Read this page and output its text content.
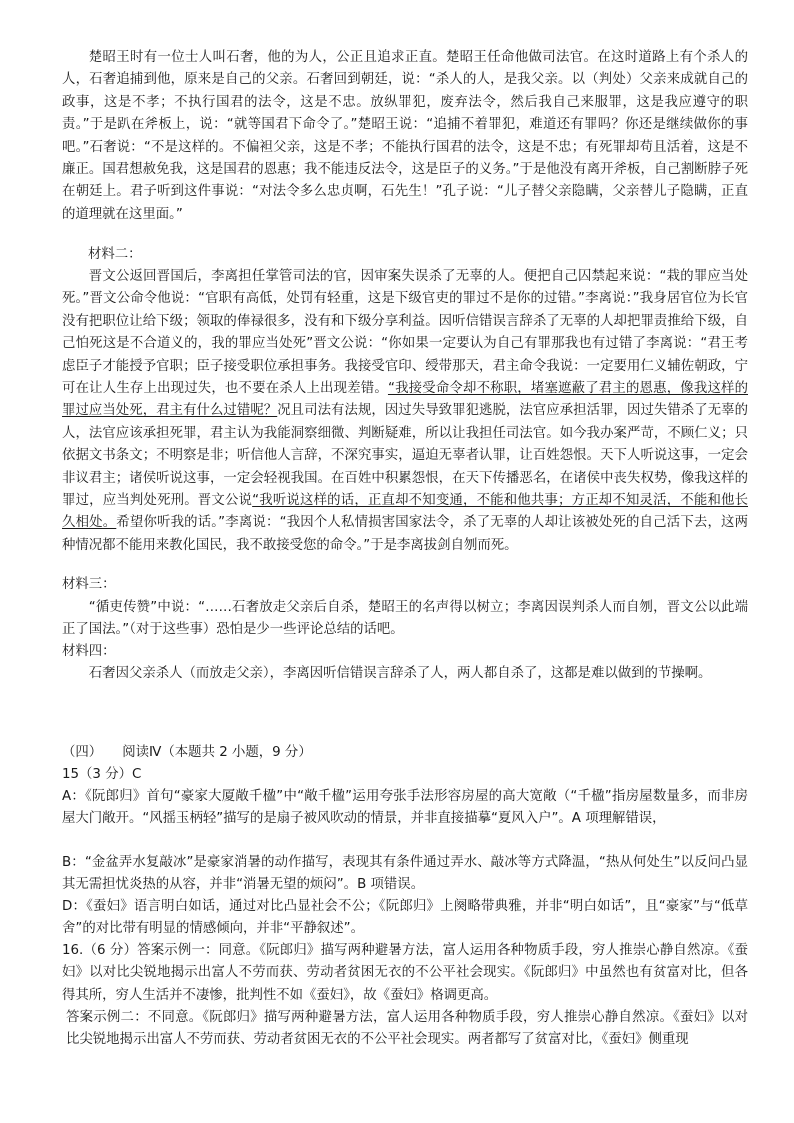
楚昭王时有一位士人叫石奢，他的为人，公正且追求正直。楚昭王任命他做司法官。在这时道路上有个杀人的人，石奢追捕到他，原来是自己的父亲。石奢回到朝廷，说：“杀人的人，是我父亲。以（判处）父亲来成就自己的政事，这是不孝；不执行国君的法令，这是不忠。放纵罪犯，废弃法令，然后我自己来服罪，这是我应遵守的职责。”于是趴在斧板上，说：“就等国君下命令了。”楚昭王说：“追捕不着罪犯，难道还有罪吗？你还是继续做你的事吧。”石奢说：“不是这样的。不偏袒父亲，这是不孝；不能执行国君的法令，这是不忠；有死罪却苟且活着，这是不廉正。国君想赦免我，这是国君的恩惠；我不能违反法令，这是臣子的义务。”于是他没有离开斧板，自己割断脖子死在朝廷上。君子听到这件事说：“对法令多么忠贞啊，石先生！”孔子说：“儿子替父亲隐瞒，父亲替儿子隐瞒，正直的道理就在这里面。”
材料二：
晋文公返回晋国后，李离担任掌管司法的官，因审案失误杀了无辜的人。便把自己囚禁起来说：“栽的罪应当处死。”晋文公命令他说：“官职有高低，处罚有轻重，这是下级官吏的罪过不是你的过错。”李离说：”我身居官位为长官没有把职位让给下级；领取的俸禄很多，没有和下级分享利益。因听信错误言辞杀了无辜的人却把罪责推给下级，自己怕死这是不合道义的，我的罪应当处死”晋文公说：“你如果一定要认为自己有罪那我也有过错了李离说：“君王考虑臣子才能授予官职；臣子接受职位承担事务。我接受官印、绶带那天，君主命令我说：一定要用仁义辅佐朝政，宁可在让人生存上出现过失，也不要在杀人上出现差错。“我接受命令却不称职，堵塞遮蔽了君主的恩惠，像我这样的罪过应当处死，君主有什么过错呢？况且司法有法规，因过失导致罪犯逃脱，法官应承担活罪，因过失错杀了无辜的人，法官应该承担死罪，君主认为我能洞察细微、判断疑难，所以让我担任司法官。如今我办案严苛，不顾仁义；只依据文书条文；不明察是非；听信他人言辞，不深究事实，逼迫无辜者认罪，让百姓怨恨。天下人听说这事，一定会非议君主；诸侯听说这事，一定会轻视我国。在百姓中积累怨恨，在天下传播恶名，在诸侯中丧失权势，像我这样的罪过，应当判处死刑。晋文公说“我听说这样的话，正直却不知变通，不能和他共事；方正却不知灵活，不能和他长久相处。希望你听我的话。”李离说：“我因个人私情损害国家法令，杀了无辜的人却让该被处死的自己活下去，这两种情况都不能用来教化国民，我不敢接受您的命令。”于是李离拔剑自刎而死。
材料三：
“循吏传赞”中说：“……石奢放走父亲后自杀，楚昭王的名声得以树立；李离因误判杀人而自刎，晋文公以此端正了国法。”（对于这些事）恐怕是少一些评论总结的话吧。
材料四：
石奢因父亲杀人（而放走父亲），李离因听信错误言辞杀了人，两人都自杀了，这都是难以做到的节操啊。
（四）　　阅读Ⅳ（本题共 2 小题，9 分）
15（3 分）C
A：《阮郎归》首句“豪家大厦敞千楹”中“敞千楹”运用夸张手法形容房屋的高大宽敞（“千楹”指房屋数量多，而非房屋大门敞开。“风摇玉柄轻”描写的是扇子被风吹动的情景，并非直接描摹“夏风入户”。A 项理解错误，
B：“金盆弄水复敲冰”是豪家消暑的动作描写，表现其有条件通过弄水、敲冰等方式降温，“热从何处生”以反问凸显其无需担忧炎热的从容，并非“消暑无望的烦闷”。B 项错误。
D：《蚕妇》语言明白如话，通过对比凸显社会不公；《阮郎归》上阕略带典雅，并非“明白如话”，且“豪家”与“低草舍”的对比带有明显的情感倾向，并非“平静叙述”。
16.（6 分）答案示例一：同意。《阮郎归》描写两种避暑方法，富人运用各种物质手段，穷人推崇心静自然凉。《蚕妇》以对比尖锐地揭示出富人不劳而获、劳动者贫困无衣的不公平社会现实。《阮郎归》中虽然也有贫富对比，但各得其所，穷人生活并不凄惨，批判性不如《蚕妇》，故《蚕妇》格调更高。
答案示例二：不同意。《阮郎归》描写两种避暑方法，富人运用各种物质手段，穷人推崇心静自然凉。《蚕妇》以对比尖锐地揭示出富人不劳而获、劳动者贫困无衣的不公平社会现实。两者都写了贫富对比，《蚕妇》侧重现
